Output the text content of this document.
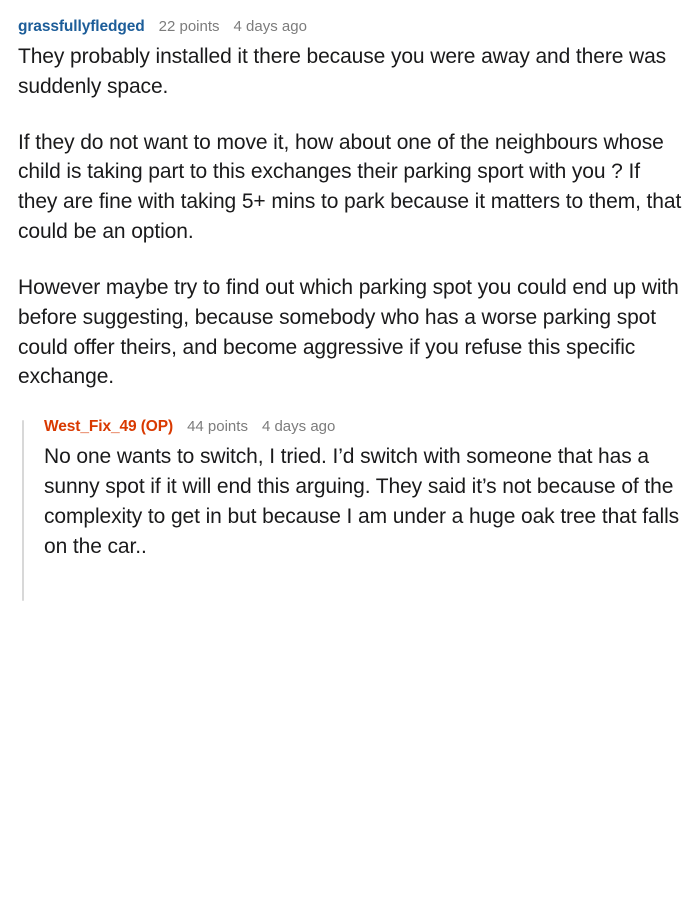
grassfullyfledged 22 points 4 days ago

They probably installed it there because you were away and there was suddenly space.

If they do not want to move it, how about one of the neighbours whose child is taking part to this exchanges their parking sport with you ? If they are fine with taking 5+ mins to park because it matters to them, that could be an option.

However maybe try to find out which parking spot you could end up with before suggesting, because somebody who has a worse parking spot could offer theirs, and become aggressive if you refuse this specific exchange.

West_Fix_49 (OP) 44 points 4 days ago

No one wants to switch, I tried. I’d switch with someone that has a sunny spot if it will end this arguing. They said it’s not because of the complexity to get in but because I am under a huge oak tree that falls on the car..
